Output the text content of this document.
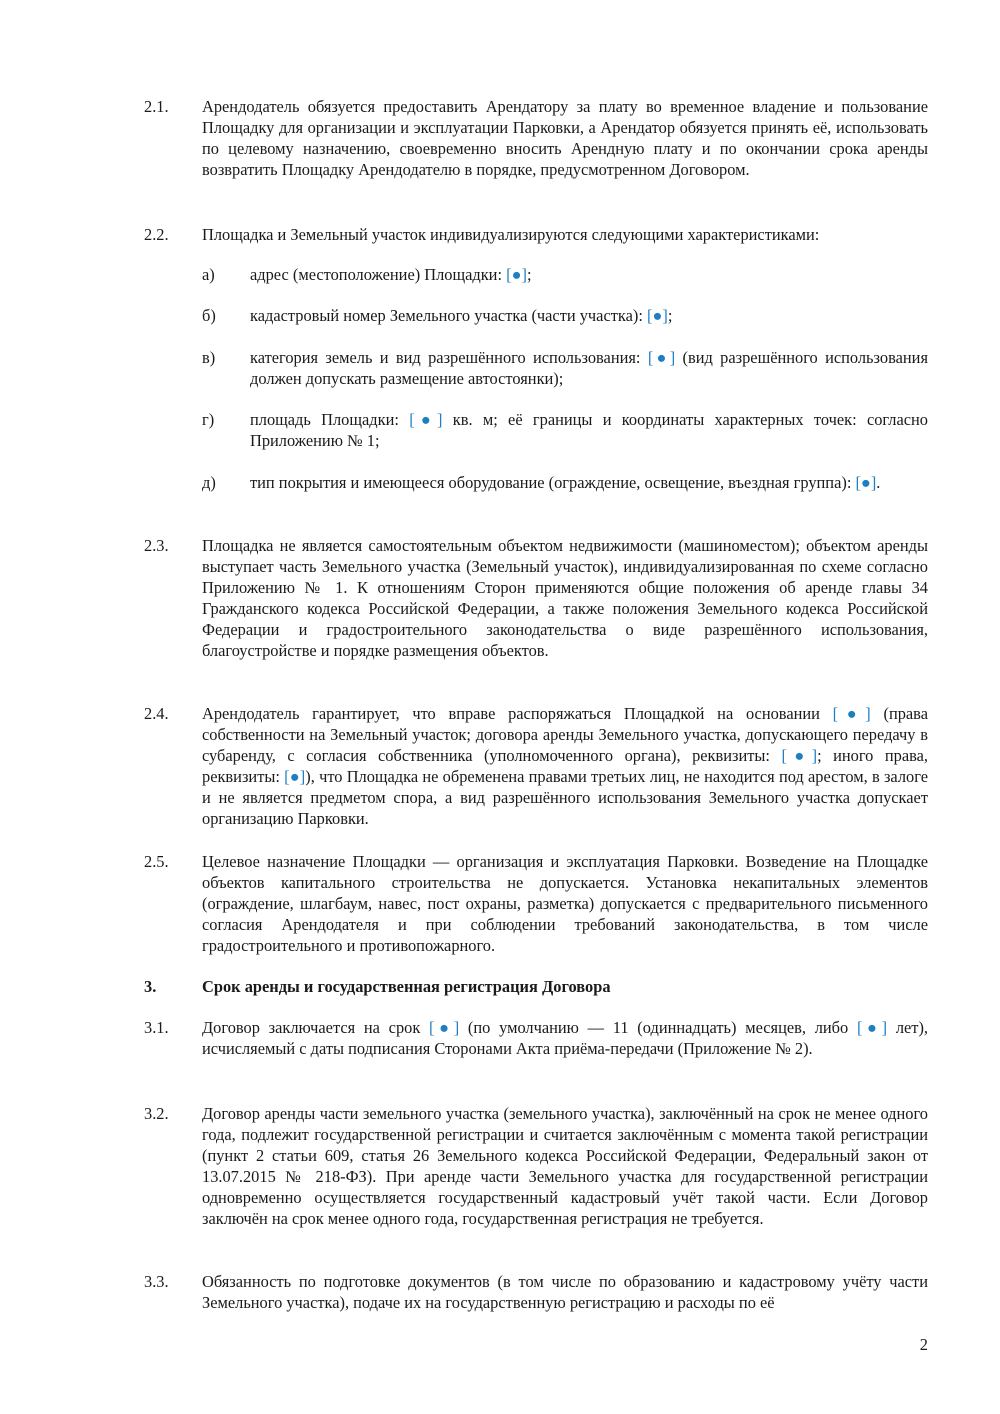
2.1.	Арендодатель обязуется предоставить Арендатору за плату во временное владение и пользование Площадку для организации и эксплуатации Парковки, а Арендатор обязуется принять её, использовать по целевому назначению, своевременно вносить Арендную плату и по окончании срока аренды возвратить Площадку Арендодателю в порядке, предусмотренном Договором.
2.2.	Площадка и Земельный участок индивидуализируются следующими характеристиками:
а)	адрес (местоположение) Площадки: [●];
б)	кадастровый номер Земельного участка (части участка): [●];
в)	категория земель и вид разрешённого использования: [●] (вид разрешённого использования должен допускать размещение автостоянки);
г)	площадь Площадки: [●] кв. м; её границы и координаты характерных точек: согласно Приложению № 1;
д)	тип покрытия и имеющееся оборудование (ограждение, освещение, въездная группа): [●].
2.3.	Площадка не является самостоятельным объектом недвижимости (машиноместом); объектом аренды выступает часть Земельного участка (Земельный участок), индивидуализированная по схеме согласно Приложению № 1. К отношениям Сторон применяются общие положения об аренде главы 34 Гражданского кодекса Российской Федерации, а также положения Земельного кодекса Российской Федерации и градостроительного законодательства о виде разрешённого использования, благоустройстве и порядке размещения объектов.
2.4.	Арендодатель гарантирует, что вправе распоряжаться Площадкой на основании [●] (права собственности на Земельный участок; договора аренды Земельного участка, допускающего передачу в субаренду, с согласия собственника (уполномоченного органа), реквизиты: [●]; иного права, реквизиты: [●]), что Площадка не обременена правами третьих лиц, не находится под арестом, в залоге и не является предметом спора, а вид разрешённого использования Земельного участка допускает организацию Парковки.
2.5.	Целевое назначение Площадки — организация и эксплуатация Парковки. Возведение на Площадке объектов капитального строительства не допускается. Установка некапитальных элементов (ограждение, шлагбаум, навес, пост охраны, разметка) допускается с предварительного письменного согласия Арендодателя и при соблюдении требований законодательства, в том числе градостроительного и противопожарного.
3.	Срок аренды и государственная регистрация Договора
3.1.	Договор заключается на срок [●] (по умолчанию — 11 (одиннадцать) месяцев, либо [●] лет), исчисляемый с даты подписания Сторонами Акта приёма-передачи (Приложение № 2).
3.2.	Договор аренды части земельного участка (земельного участка), заключённый на срок не менее одного года, подлежит государственной регистрации и считается заключённым с момента такой регистрации (пункт 2 статьи 609, статья 26 Земельного кодекса Российской Федерации, Федеральный закон от 13.07.2015 № 218-ФЗ). При аренде части Земельного участка для государственной регистрации одновременно осуществляется государственный кадастровый учёт такой части. Если Договор заключён на срок менее одного года, государственная регистрация не требуется.
3.3.	Обязанность по подготовке документов (в том числе по образованию и кадастровому учёту части Земельного участка), подаче их на государственную регистрацию и расходы по её
2
